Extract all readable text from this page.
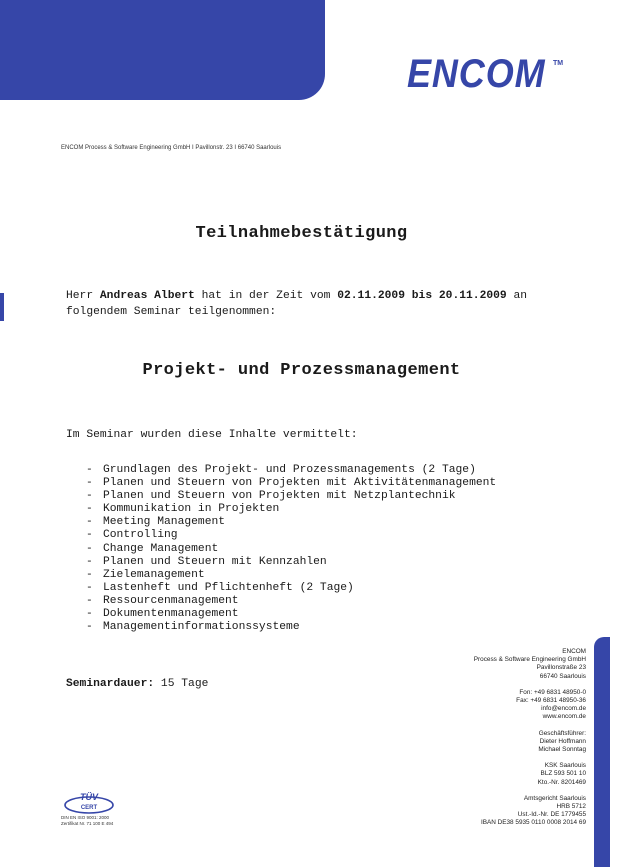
ENCOM TM
ENCOM Process & Software Engineering GmbH I Pavillonstr. 23 I 66740 Saarlouis
Teilnahmebestätigung
Herr Andreas Albert hat in der Zeit vom 02.11.2009 bis 20.11.2009 an
folgendem Seminar teilgenommen:
Projekt- und Prozessmanagement
Im Seminar wurden diese Inhalte vermittelt:
- Grundlagen des Projekt- und Prozessmanagements (2 Tage)
- Planen und Steuern von Projekten mit Aktivitätenmanagement
- Planen und Steuern von Projekten mit Netzplantechnik
- Kommunikation in Projekten
- Meeting Management
- Controlling
- Change Management
- Planen und Steuern mit Kennzahlen
- Zielemanagement
- Lastenheft und Pflichtenheft (2 Tage)
- Ressourcenmanagement
- Dokumentenmanagement
- Managementinformationssysteme
Seminardauer: 15 Tage
ENCOM
Process & Software Engineering GmbH
Pavillonstraße 23
66740 Saarlouis
Fon: +49 6831 48950-0
Fax: +49 6831 48950-36
info@encom.de
www.encom.de
Geschäftsführer:
Dieter Hoffmann
Michael Sonntag
KSK Saarlouis
BLZ 593 501 10
Kto.-Nr. 8201469
Amtsgericht Saarlouis
HRB 5712
Ust.-Id.-Nr. DE 1779455
IBAN DE38 5935 0110 0008 2014 69
TÜV
CERT
DIN EN ISO 9001: 2000
Zertifikat Nr. 71 100 E 494
